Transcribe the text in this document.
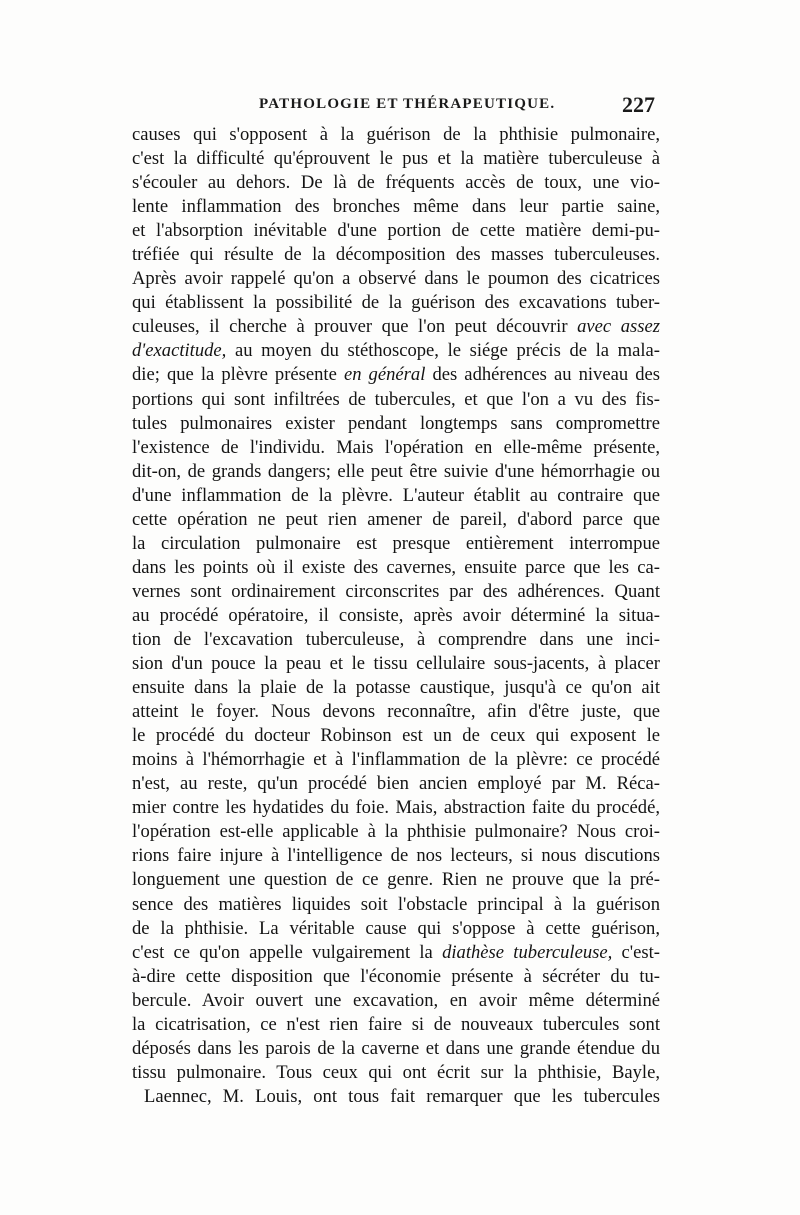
PATHOLOGIE ET THÉRAPEUTIQUE.	227
causes qui s'opposent à la guérison de la phthisie pulmonaire,
c'est la difficulté qu'éprouvent le pus et la matière tuberculeuse à
s'écouler au dehors. De là de fréquents accès de toux, une vio-
lente inflammation des bronches même dans leur partie saine,
et l'absorption inévitable d'une portion de cette matière demi-pu-
tréfiée qui résulte de la décomposition des masses tuberculeuses.
Après avoir rappelé qu'on a observé dans le poumon des cicatrices
qui établissent la possibilité de la guérison des excavations tuber-
culeuses, il cherche à prouver que l'on peut découvrir avec assez
d'exactitude, au moyen du stéthoscope, le siége précis de la mala-
die; que la plèvre présente en général des adhérences au niveau des
portions qui sont infiltrées de tubercules, et que l'on a vu des fis-
tules pulmonaires exister pendant longtemps sans compromettre
l'existence de l'individu. Mais l'opération en elle-même présente,
dit-on, de grands dangers; elle peut être suivie d'une hémorrhagie ou
d'une inflammation de la plèvre. L'auteur établit au contraire que
cette opération ne peut rien amener de pareil, d'abord parce que
la circulation pulmonaire est presque entièrement interrompue
dans les points où il existe des cavernes, ensuite parce que les ca-
vernes sont ordinairement circonscrites par des adhérences. Quant
au procédé opératoire, il consiste, après avoir déterminé la situa-
tion de l'excavation tuberculeuse, à comprendre dans une inci-
sion d'un pouce la peau et le tissu cellulaire sous-jacents, à placer
ensuite dans la plaie de la potasse caustique, jusqu'à ce qu'on ait
atteint le foyer. Nous devons reconnaître, afin d'être juste, que
le procédé du docteur Robinson est un de ceux qui exposent le
moins à l'hémorrhagie et à l'inflammation de la plèvre: ce procédé
n'est, au reste, qu'un procédé bien ancien employé par M. Réca-
mier contre les hydatides du foie. Mais, abstraction faite du procédé,
l'opération est-elle applicable à la phthisie pulmonaire? Nous croi-
rions faire injure à l'intelligence de nos lecteurs, si nous discutions
longuement une question de ce genre. Rien ne prouve que la pré-
sence des matières liquides soit l'obstacle principal à la guérison
de la phthisie. La véritable cause qui s'oppose à cette guérison,
c'est ce qu'on appelle vulgairement la diathèse tuberculeuse, c'est-
à-dire cette disposition que l'économie présente à sécréter du tu-
bercule. Avoir ouvert une excavation, en avoir même déterminé
la cicatrisation, ce n'est rien faire si de nouveaux tubercules sont
déposés dans les parois de la caverne et dans une grande étendue du
tissu pulmonaire. Tous ceux qui ont écrit sur la phthisie, Bayle,
Laennec, M. Louis, ont tous fait remarquer que les tubercules
